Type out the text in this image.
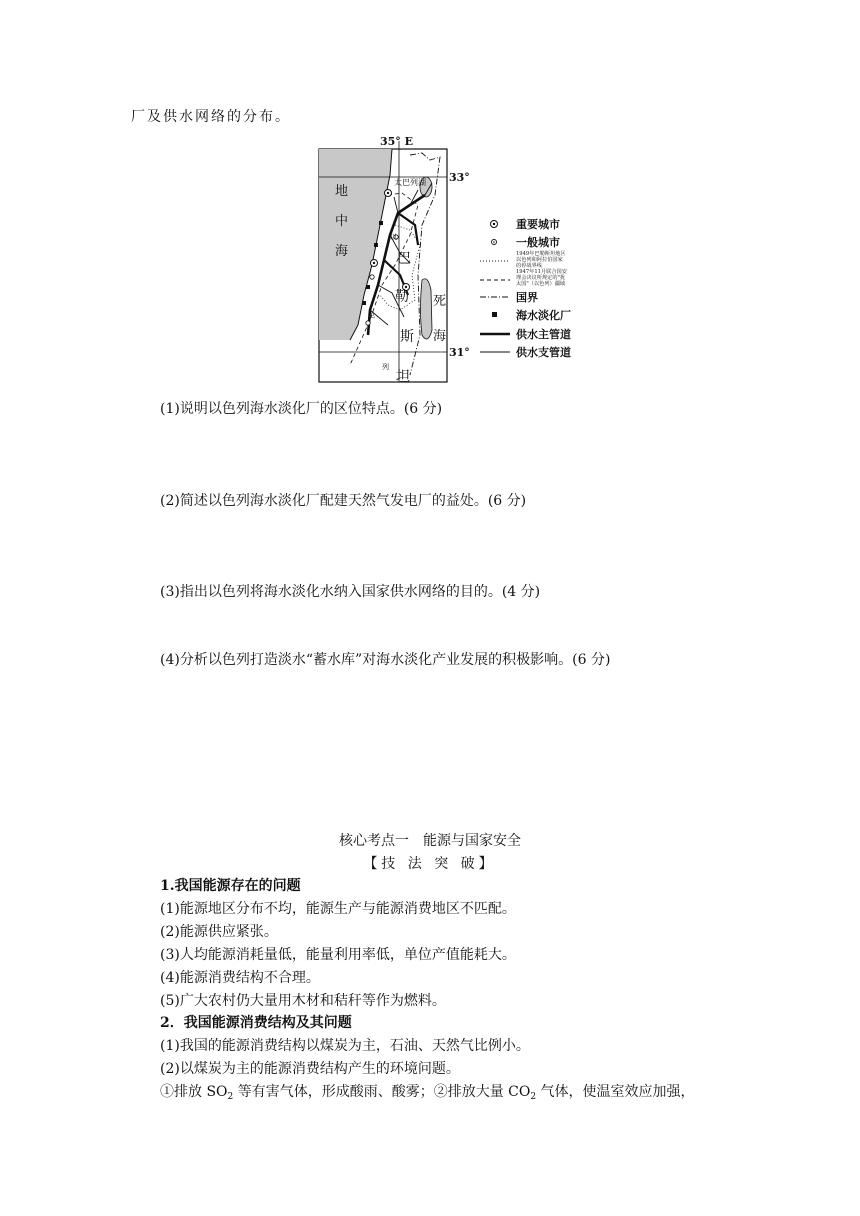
厂及供水网络的分布。
35° E
33°
31°
太巴列湖
地
中
海	巴
勒
斯
坦
死
海
以
色
列
重要城市
一般城市
1949年巴勒斯坦地区 以色列和阿拉伯国家 的停战界线
1947年11月联合国安 理会决议所规定的"犹 太国"（以色列）疆域
国界
海水淡化厂
供水主管道
供水支管道
(1)说明以色列海水淡化厂的区位特点。(6 分)
(2)简述以色列海水淡化厂配建天然气发电厂的益处。(6 分)
(3)指出以色列将海水淡化水纳入国家供水网络的目的。(4 分)
(4)分析以色列打造淡水“蓄水库”对海水淡化产业发展的积极影响。(6 分)
核心考点一　能源与国家安全
【技 法 突 破】
1.我国能源存在的问题
(1)能源地区分布不均，能源生产与能源消费地区不匹配。
(2)能源供应紧张。
(3)人均能源消耗量低，能量利用率低，单位产值能耗大。
(4)能源消费结构不合理。
(5)广大农村仍大量用木材和秸秆等作为燃料。
2．我国能源消费结构及其问题
(1)我国的能源消费结构以煤炭为主，石油、天然气比例小。
(2)以煤炭为主的能源消费结构产生的环境问题。
①排放 $SO_2$ 等有害气体，形成酸雨、酸雾；②排放大量 $CO_2$ 气体，使温室效应加强，
